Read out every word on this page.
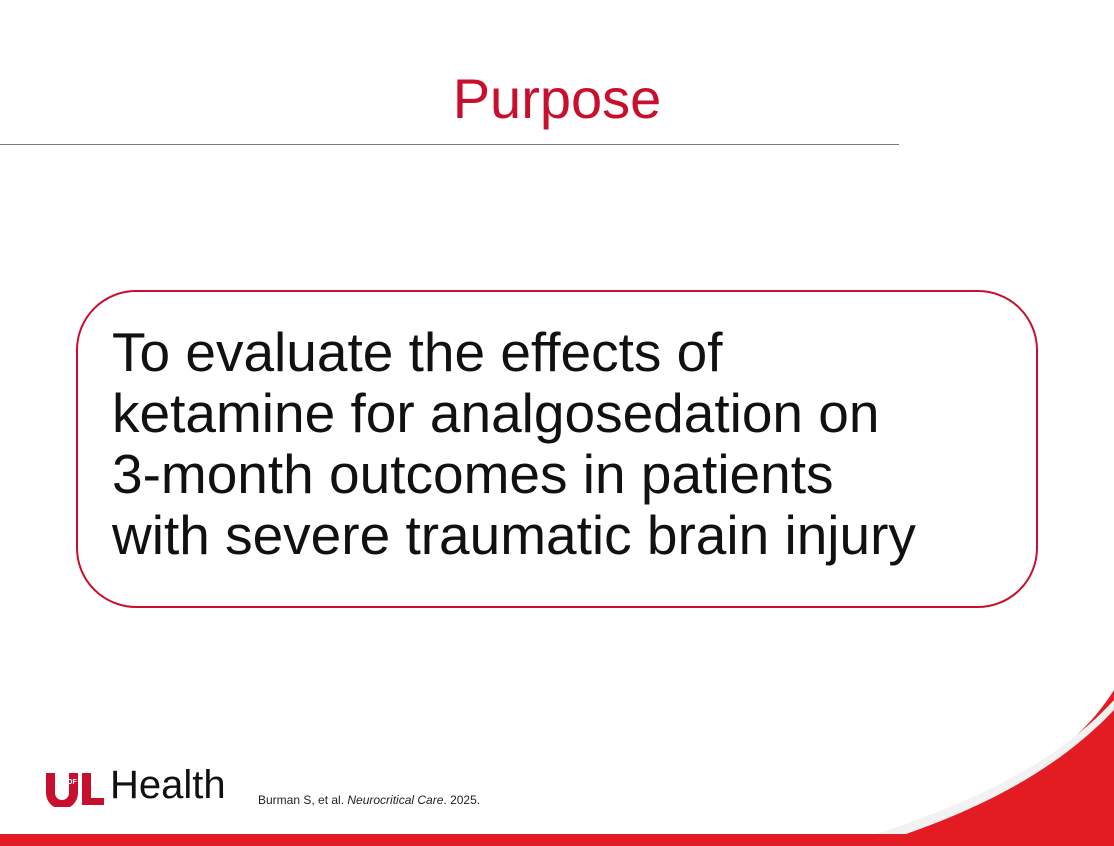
Purpose

To evaluate the effects of
ketamine for analgosedation on
3-month outcomes in patients
with severe traumatic brain injury

OF Health	Burman S, et al. Neurocritical Care. 2025.
